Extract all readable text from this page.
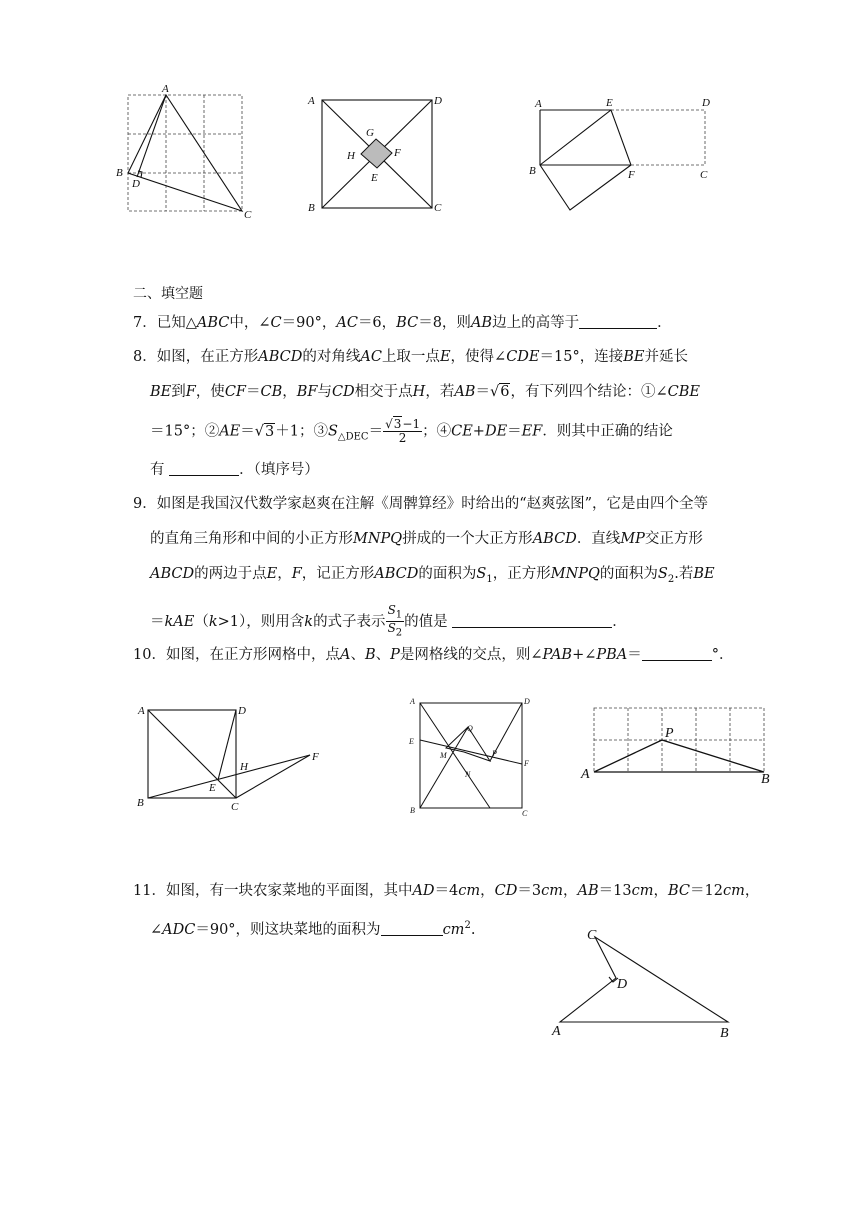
A
B
D
C
A	D
G
H	F
E
B	C
A	E	D
B	F	C
二、填空题
7．已知△ABC中，∠C＝90°，AC＝6，BC＝8，则AB边上的高等于	．
8．如图，在正方形ABCD的对角线AC上取一点E，使得∠CDE＝15°，连接BE并延长
BE到F，使CF＝CB，BF与CD相交于点H，若AB＝√6，有下列四个结论：①∠CBE
＝15°；②AE＝√3＋1；$③S_{\triangle DEC}= \frac{√3-1}{2}$ ；④CE+DE＝EF．则其中正确的结论
有	．（填序号）
9．如图是我国汉代数学家赵爽在注解《周髀算经》时给出的“赵爽弦图”，它是由四个全等
的直角三角形和中间的小正方形MNPQ拼成的一个大正方形ABCD．直线MP交正方形
ABCD的两边于点E，F，记正方形ABCD的面积为$S_1$，正方形MNPQ的面积为$S_2$.若BE
＝kAE（k>1），则用含k的式子表示 $\frac{S_1}{S_2}$ 的值是	．
10．如图，在正方形网格中，点A、B、P是网格线的交点，则∠PAB+∠PBA＝	°．
A	D
H
F
E
B	C
A	D
E
Q
M	P
F
N
B	C
P
A	B
11．如图，有一块农家菜地的平面图，其中AD＝4cm，CD＝3cm，AB＝13cm，BC＝12cm，
∠ADC＝90°，则这块菜地的面积为	$cm^2$.	C
D
A	B
